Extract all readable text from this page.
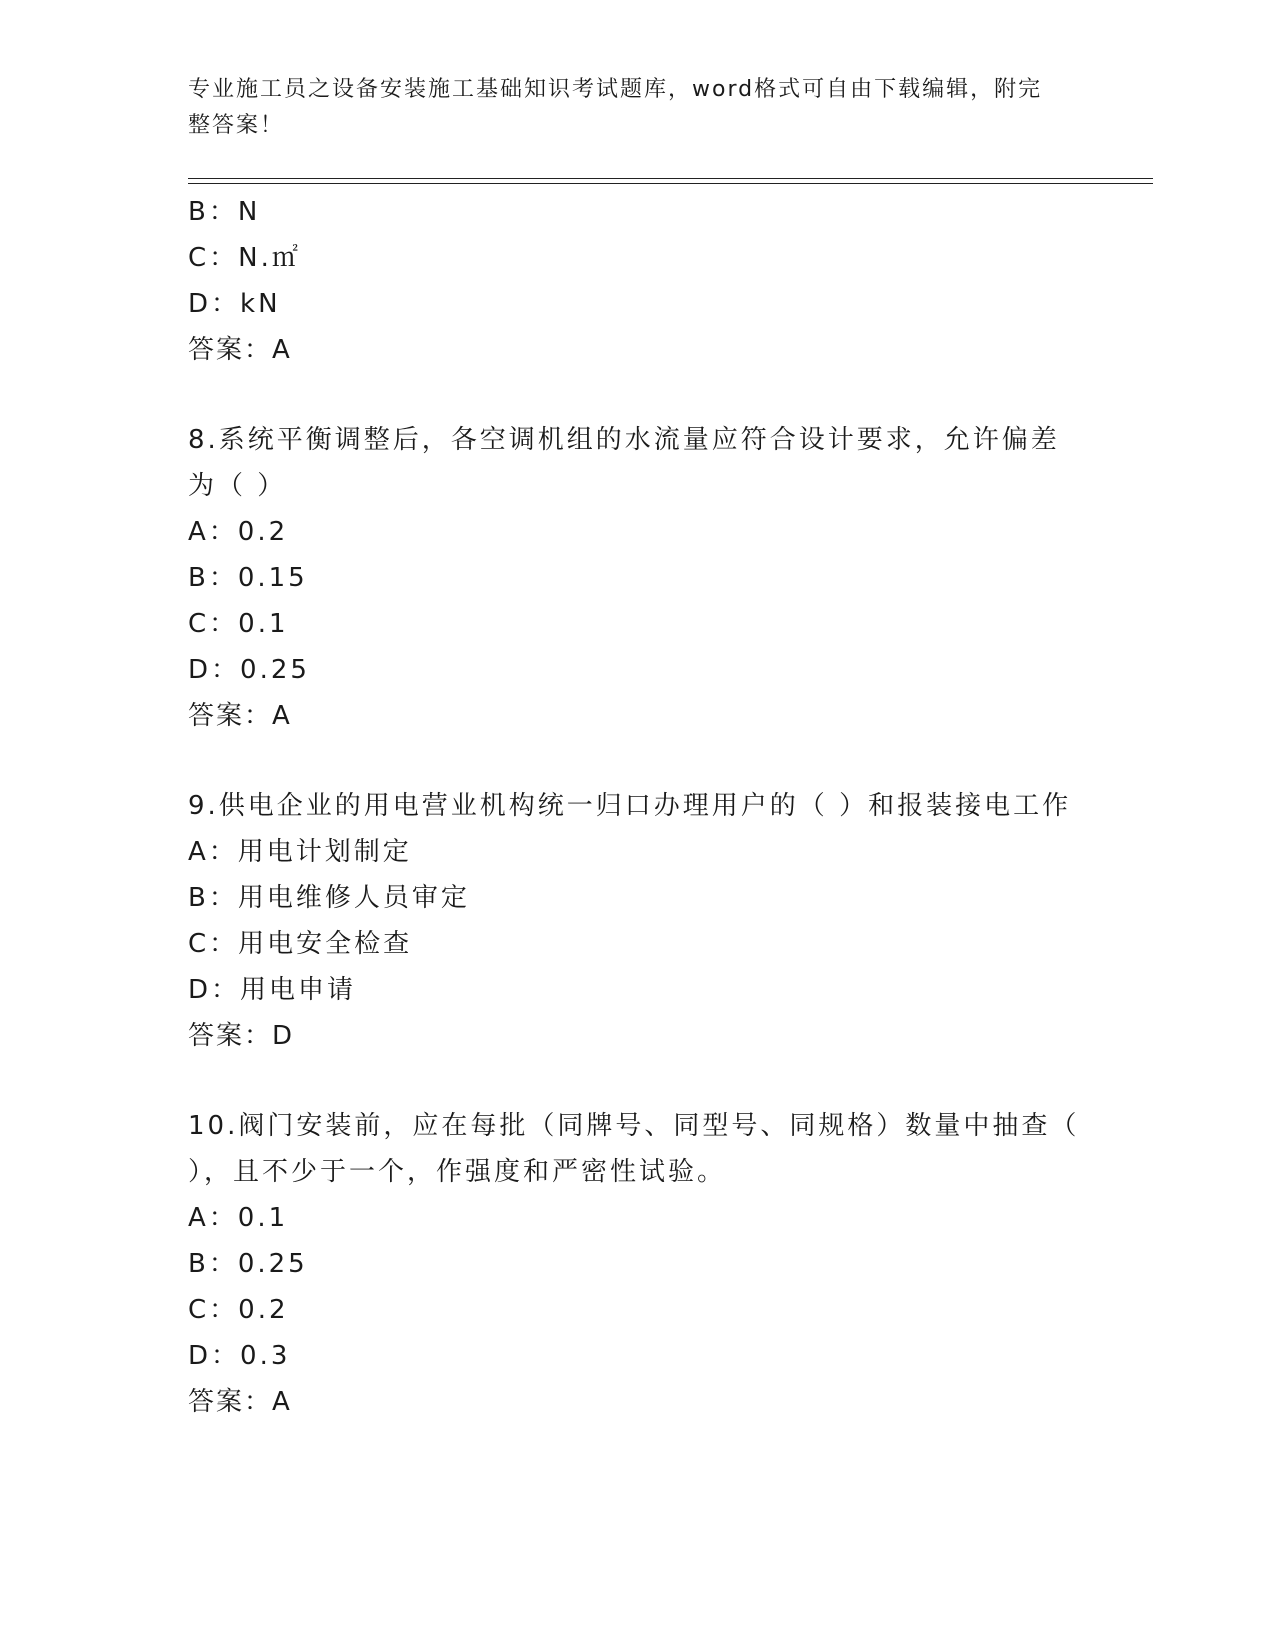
专业施工员之设备安装施工基础知识考试题库，word格式可自由下载编辑，附完
整答案！
B：N
C：N.㎡
D：kN
答案：A
8.系统平衡调整后，各空调机组的水流量应符合设计要求，允许偏差
为（ ）
A：0.2
B：0.15
C：0.1
D：0.25
答案：A
9.供电企业的用电营业机构统一归口办理用户的（ ）和报装接电工作
A：用电计划制定
B：用电维修人员审定
C：用电安全检查
D：用电申请
答案：D
10.阀门安装前，应在每批（同牌号、同型号、同规格）数量中抽查（
），且不少于一个，作强度和严密性试验。
A：0.1
B：0.25
C：0.2
D：0.3
答案：A
